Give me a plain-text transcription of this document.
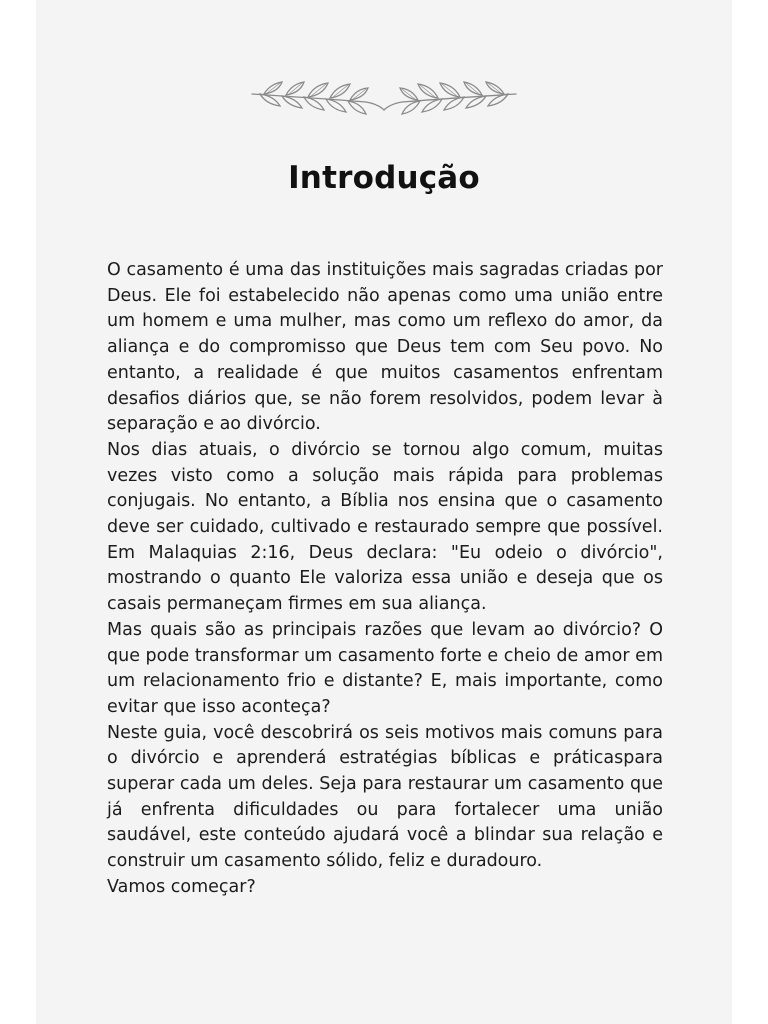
Introdução

O casamento é uma das instituições mais sagradas criadas por Deus. Ele foi estabelecido não apenas como uma união entre um homem e uma mulher, mas como um reflexo do amor, da aliança e do compromisso que Deus tem com Seu povo. No entanto, a realidade é que muitos casamentos enfrentam desafios diários que, se não forem resolvidos, podem levar à separação e ao divórcio.

Nos dias atuais, o divórcio se tornou algo comum, muitas vezes visto como a solução mais rápida para problemas conjugais. No entanto, a Bíblia nos ensina que o casamento deve ser cuidado, cultivado e restaurado sempre que possível. Em Malaquias 2:16, Deus declara: "Eu odeio o divórcio", mostrando o quanto Ele valoriza essa união e deseja que os casais permaneçam firmes em sua aliança.

Mas quais são as principais razões que levam ao divórcio? O que pode transformar um casamento forte e cheio de amor em um relacionamento frio e distante? E, mais importante, como evitar que isso aconteça?

Neste guia, você descobrirá os seis motivos mais comuns para o divórcio e aprenderá estratégias bíblicas e práticaspara superar cada um deles. Seja para restaurar um casamento que já enfrenta dificuldades ou para fortalecer uma união saudável, este conteúdo ajudará você a blindar sua relação e construir um casamento sólido, feliz e duradouro.

Vamos começar?
